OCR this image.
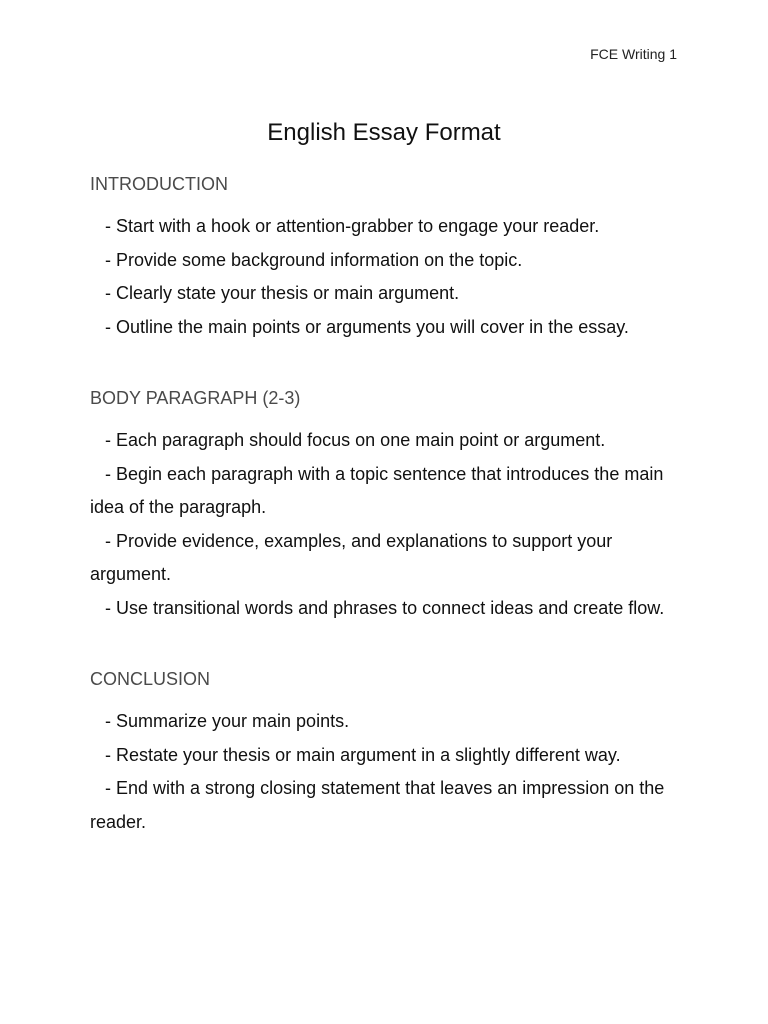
FCE Writing 1
English Essay Format
INTRODUCTION
- Start with a hook or attention-grabber to engage your reader.
- Provide some background information on the topic.
- Clearly state your thesis or main argument.
- Outline the main points or arguments you will cover in the essay.
BODY PARAGRAPH (2-3)
- Each paragraph should focus on one main point or argument.
- Begin each paragraph with a topic sentence that introduces the main idea of the paragraph.
- Provide evidence, examples, and explanations to support your argument.
- Use transitional words and phrases to connect ideas and create flow.
CONCLUSION
- Summarize your main points.
- Restate your thesis or main argument in a slightly different way.
- End with a strong closing statement that leaves an impression on the reader.
